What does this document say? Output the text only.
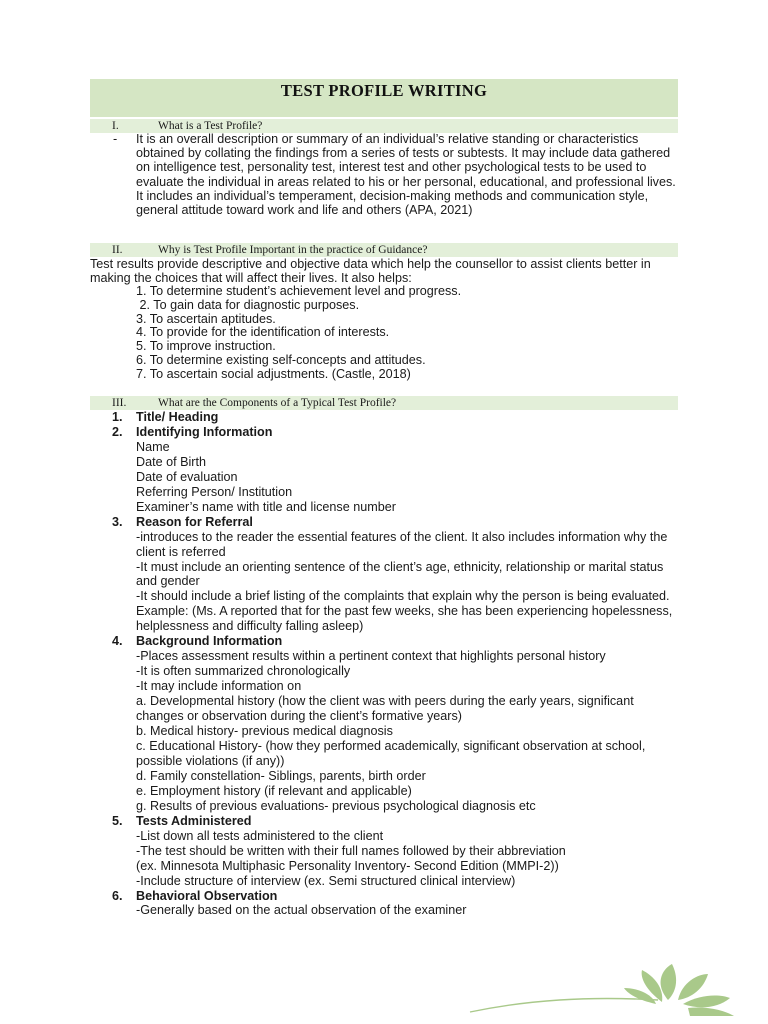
TEST PROFILE WRITING
I.	What is a Test Profile?
- It is an overall description or summary of an individual’s relative standing or characteristics obtained by collating the findings from a series of tests or subtests. It may include data gathered on intelligence test, personality test, interest test and other psychological tests to be used to evaluate the individual in areas related to his or her personal, educational, and professional lives. It includes an individual’s temperament, decision-making methods and communication style, general attitude toward work and life and others (APA, 2021)

II.	Why is Test Profile Important in the practice of Guidance?

Test results provide descriptive and objective data which help the counsellor to assist clients better in making the choices that will affect their lives. It also helps:

1. To determine student’s achievement level and progress.
2. To gain data for diagnostic purposes.
3. To ascertain aptitudes.
4. To provide for the identification of interests.
5. To improve instruction.
6. To determine existing self-concepts and attitudes.
7. To ascertain social adjustments. (Castle, 2018)
III.	What are the Components of a Typical Test Profile?
1. Title/ Heading
2. Identifying Information
Name
Date of Birth
Date of evaluation
Referring Person/ Institution
Examiner’s name with title and license number
3. Reason for Referral
-introduces to the reader the essential features of the client. It also includes information why the client is referred
-It must include an orienting sentence of the client’s age, ethnicity, relationship or marital status and gender
-It should include a brief listing of the complaints that explain why the person is being evaluated.
Example: (Ms. A reported that for the past few weeks, she has been experiencing hopelessness, helplessness and difficulty falling asleep)
4. Background Information
-Places assessment results within a pertinent context that highlights personal history
-It is often summarized chronologically
-It may include information on
a. Developmental history (how the client was with peers during the early years, significant changes or observation during the client’s formative years)
b. Medical history- previous medical diagnosis
c. Educational History- (how they performed academically, significant observation at school, possible violations (if any))
d. Family constellation- Siblings, parents, birth order
e. Employment history (if relevant and applicable)
g. Results of previous evaluations- previous psychological diagnosis etc
5. Tests Administered
-List down all tests administered to the client
-The test should be written with their full names followed by their abbreviation
(ex. Minnesota Multiphasic Personality Inventory- Second Edition (MMPI-2))
-Include structure of interview (ex. Semi structured clinical interview)
6. Behavioral Observation
-Generally based on the actual observation of the examiner
